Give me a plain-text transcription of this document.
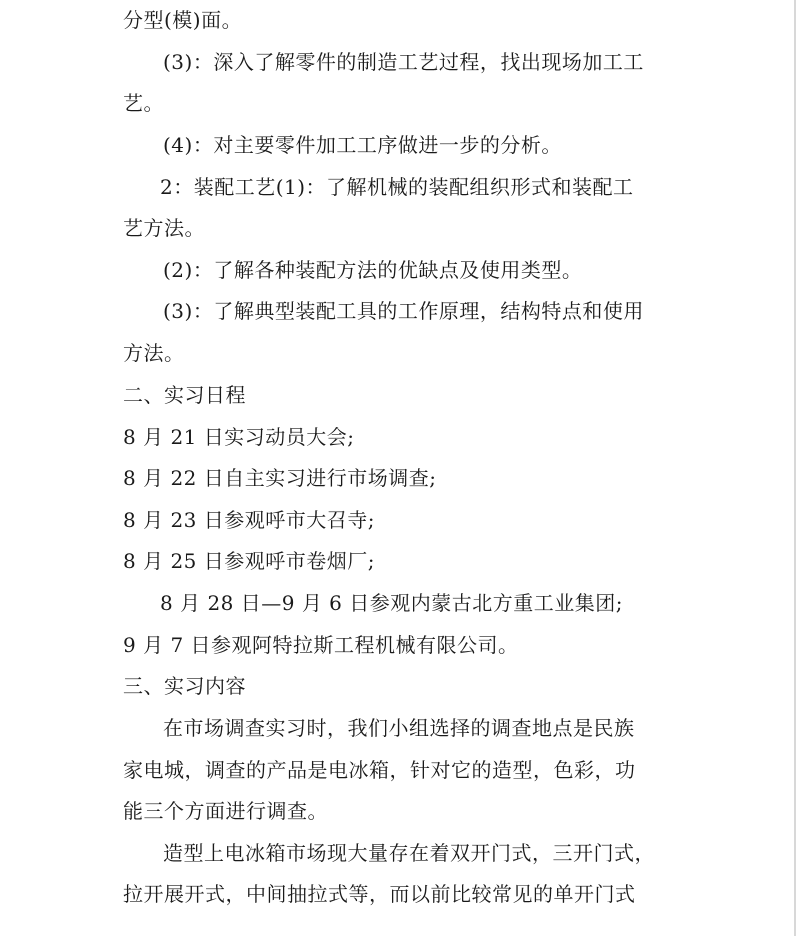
分型(模)面。
(3)：深入了解零件的制造工艺过程，找出现场加工工
艺。
(4)：对主要零件加工工序做进一步的分析。
2：装配工艺(1)：了解机械的装配组织形式和装配工
艺方法。
(2)：了解各种装配方法的优缺点及使用类型。
(3)：了解典型装配工具的工作原理，结构特点和使用
方法。
二、实习日程
8 月 21 日实习动员大会;
8 月 22 日自主实习进行市场调查;
8 月 23 日参观呼市大召寺;
8 月 25 日参观呼市卷烟厂;
8 月 28 日—9 月 6 日参观内蒙古北方重工业集团;
9 月 7 日参观阿特拉斯工程机械有限公司。
三、实习内容
在市场调查实习时，我们小组选择的调查地点是民族
家电城，调查的产品是电冰箱，针对它的造型，色彩，功
能三个方面进行调查。
造型上电冰箱市场现大量存在着双开门式，三开门式，
拉开展开式，中间抽拉式等，而以前比较常见的单开门式
